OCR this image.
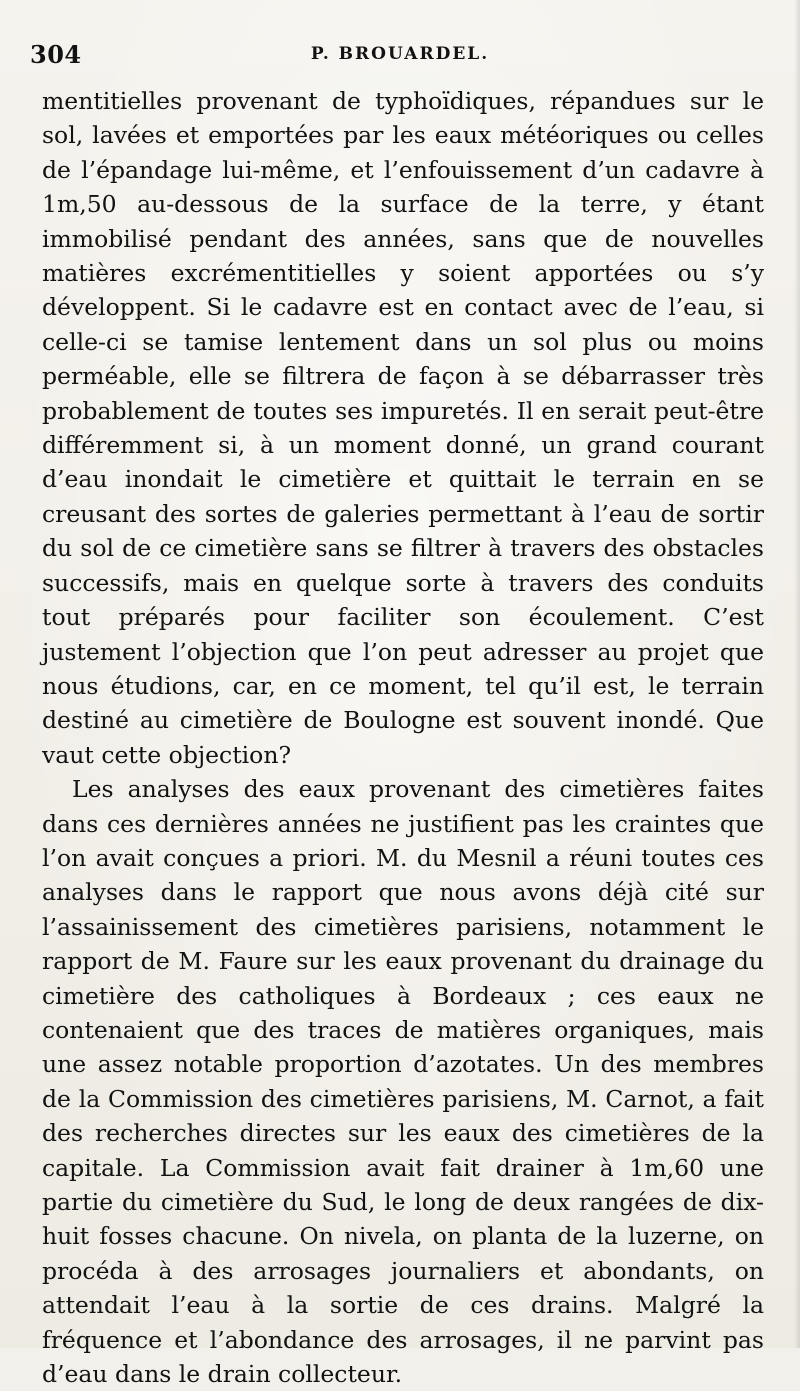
304	P. BROUARDEL.

mentitielles provenant de typhoïdiques, répandues sur le sol, lavées et emportées par les eaux météoriques ou celles de l’épandage lui-même, et l’enfouissement d’un cadavre à 1m,50 au-dessous de la surface de la terre, y étant immobilisé pendant des années, sans que de nouvelles matières excrémentitielles y soient apportées ou s’y développent. Si le cadavre est en contact avec de l’eau, si celle-ci se tamise lentement dans un sol plus ou moins perméable, elle se filtrera de façon à se débarrasser très probablement de toutes ses impuretés. Il en serait peut-être différemment si, à un moment donné, un grand courant d’eau inondait le cimetière et quittait le terrain en se creusant des sortes de galeries permettant à l’eau de sortir du sol de ce cimetière sans se filtrer à travers des obstacles successifs, mais en quelque sorte à travers des conduits tout préparés pour faciliter son écoulement. C’est justement l’objection que l’on peut adresser au projet que nous étudions, car, en ce moment, tel qu’il est, le terrain destiné au cimetière de Boulogne est souvent inondé. Que vaut cette objection?

Les analyses des eaux provenant des cimetières faites dans ces dernières années ne justifient pas les craintes que l’on avait conçues a priori. M. du Mesnil a réuni toutes ces analyses dans le rapport que nous avons déjà cité sur l’assainissement des cimetières parisiens, notamment le rapport de M. Faure sur les eaux provenant du drainage du cimetière des catholiques à Bordeaux ; ces eaux ne contenaient que des traces de matières organiques, mais une assez notable proportion d’azotates. Un des membres de la Commission des cimetières parisiens, M. Carnot, a fait des recherches directes sur les eaux des cimetières de la capitale. La Commission avait fait drainer à 1m,60 une partie du cimetière du Sud, le long de deux rangées de dix-huit fosses chacune. On nivela, on planta de la luzerne, on procéda à des arrosages journaliers et abondants, on attendait l’eau à la sortie de ces drains. Malgré la fréquence et l’abondance des arrosages, il ne parvint pas d’eau dans le drain collecteur.
